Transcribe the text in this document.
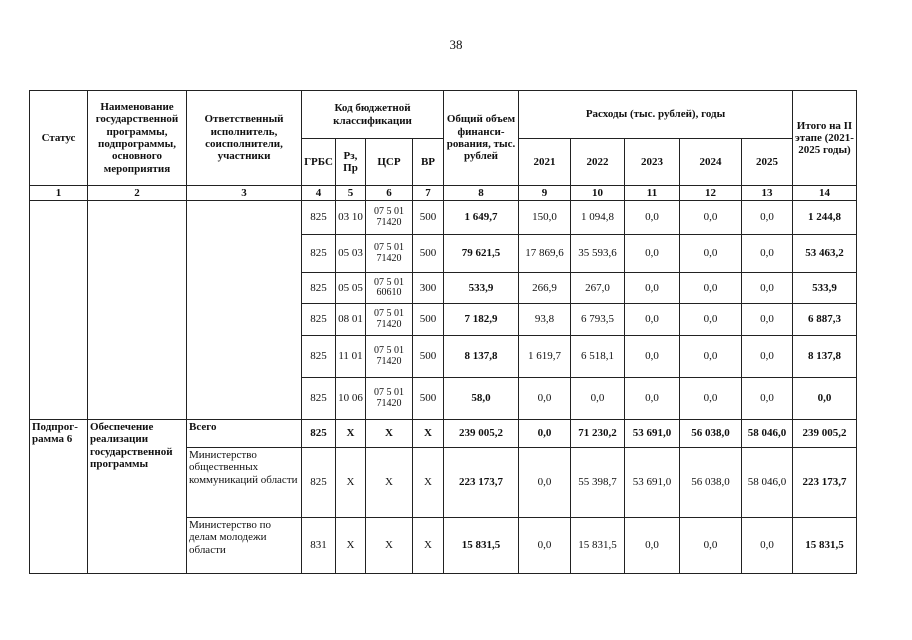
38
Статус	Наименование государственной программы, подпрограммы, основного мероприятия	Ответственный исполнитель, соисполнители, участники	Код бюджетной классификации				Общий объем финанси-рования, тыс. рублей	Расходы (тыс. рублей), годы					Итого на II этапе (2021-2025 годы)
			ГРБС	Рз, Пр	ЦСР	ВР		2021	2022	2023	2024	2025	
1	2	3	4	5	6	7	8	9	10	11	12	13	14
			825	03 10	07 5 01 71420	500	1 649,7	150,0	1 094,8	0,0	0,0	0,0	1 244,8
			825	05 03	07 5 01 71420	500	79 621,5	17 869,6	35 593,6	0,0	0,0	0,0	53 463,2
			825	05 05	07 5 01 60610	300	533,9	266,9	267,0	0,0	0,0	0,0	533,9
			825	08 01	07 5 01 71420	500	7 182,9	93,8	6 793,5	0,0	0,0	0,0	6 887,3
			825	11 01	07 5 01 71420	500	8 137,8	1 619,7	6 518,1	0,0	0,0	0,0	8 137,8
			825	10 06	07 5 01 71420	500	58,0	0,0	0,0	0,0	0,0	0,0	0,0
Подпрог-рамма 6	Обеспечение реализации государственной программы	Всего	825	Х	Х	Х	239 005,2	0,0	71 230,2	53 691,0	56 038,0	58 046,0	239 005,2
		Министерство общественных коммуникаций области	825	Х	Х	Х	223 173,7	0,0	55 398,7	53 691,0	56 038,0	58 046,0	223 173,7
		Министерство по делам молодежи области	831	Х	Х	Х	15 831,5	0,0	15 831,5	0,0	0,0	0,0	15 831,5
